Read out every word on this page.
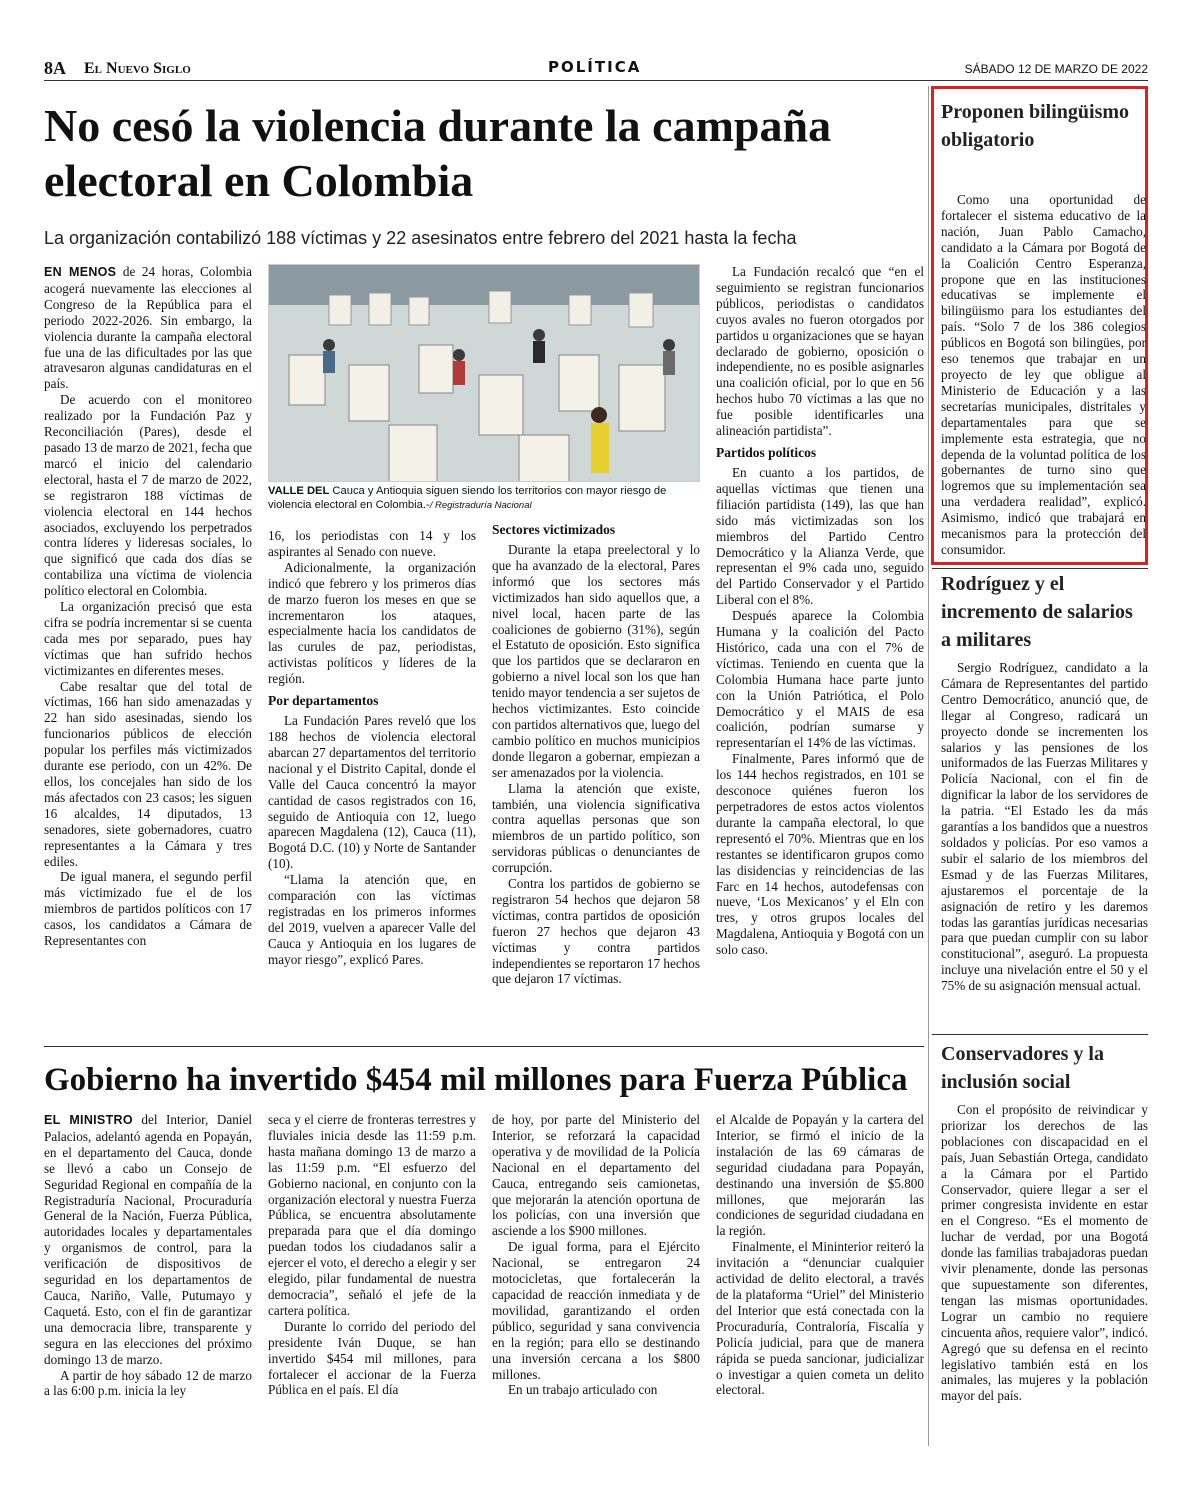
8A El Nuevo Siglo	POLÍTICA	SÁBADO 12 DE MARZO DE 2022
No cesó la violencia durante la campaña electoral en Colombia
La organización contabilizó 188 víctimas y 22 asesinatos entre febrero del 2021 hasta la fecha

EN MENOS de 24 horas, Colombia acogerá nuevamente las elecciones al Congreso de la República para el periodo 2022-2026. Sin embargo, la violencia durante la campaña electoral fue una de las dificultades por las que atravesaron algunas candidaturas en el país.

De acuerdo con el monitoreo realizado por la Fundación Paz y Reconciliación (Pares), desde el pasado 13 de marzo de 2021, fecha que marcó el inicio del calendario electoral, hasta el 7 de marzo de 2022, se registraron 188 víctimas de violencia electoral en 144 hechos asociados, excluyendo los perpetrados contra líderes y lideresas sociales, lo que significó que cada dos días se contabiliza una víctima de violencia político electoral en Colombia.

La organización precisó que esta cifra se podría incrementar si se cuenta cada mes por separado, pues hay víctimas que han sufrido hechos victimizantes en diferentes meses.

Cabe resaltar que del total de víctimas, 166 han sido amenazadas y 22 han sido asesinadas, siendo los funcionarios públicos de elección popular los perfiles más victimizados durante ese periodo, con un 42%. De ellos, los concejales han sido de los más afectados con 23 casos; les siguen 16 alcaldes, 14 diputados, 13 senadores, siete gobernadores, cuatro representantes a la Cámara y tres ediles.

De igual manera, el segundo perfil más victimizado fue el de los miembros de partidos políticos con 17 casos, los candidatos a Cámara de Representantes con

VALLE DEL Cauca y Antioquia siguen siendo los territorios con mayor riesgo de violencia electoral en Colombia.-/ Registraduría Nacional

16, los periodistas con 14 y los aspirantes al Senado con nueve.

Adicionalmente, la organización indicó que febrero y los primeros días de marzo fueron los meses en que se incrementaron los ataques, especialmente hacia los candidatos de las curules de paz, periodistas, activistas políticos y líderes de la región.

Por departamentos

La Fundación Pares reveló que los 188 hechos de violencia electoral abarcan 27 departamentos del territorio nacional y el Distrito Capital, donde el Valle del Cauca concentró la mayor cantidad de casos registrados con 16, seguido de Antioquia con 12, luego aparecen Magdalena (12), Cauca (11), Bogotá D.C. (10) y Norte de Santander (10).

“Llama la atención que, en comparación con las víctimas registradas en los primeros informes del 2019, vuelven a aparecer Valle del Cauca y Antioquia en los lugares de mayor riesgo”, explicó Pares.

Sectores victimizados

Durante la etapa preelectoral y lo que ha avanzado de la electoral, Pares informó que los sectores más victimizados han sido aquellos que, a nivel local, hacen parte de las coaliciones de gobierno (31%), según el Estatuto de oposición. Esto significa que los partidos que se declararon en gobierno a nivel local son los que han tenido mayor tendencia a ser sujetos de hechos victimizantes. Esto coincide con partidos alternativos que, luego del cambio político en muchos municipios donde llegaron a gobernar, empiezan a ser amenazados por la violencia.

Llama la atención que existe, también, una violencia significativa contra aquellas personas que son miembros de un partido político, son servidoras públicas o denunciantes de corrupción.

Contra los partidos de gobierno se registraron 54 hechos que dejaron 58 víctimas, contra partidos de oposición fueron 27 hechos que dejaron 43 víctimas y contra partidos independientes se reportaron 17 hechos que dejaron 17 víctimas.

La Fundación recalcó que “en el seguimiento se registran funcionarios públicos, periodistas o candidatos cuyos avales no fueron otorgados por partidos u organizaciones que se hayan declarado de gobierno, oposición o independiente, no es posible asignarles una coalición oficial, por lo que en 56 hechos hubo 70 víctimas a las que no fue posible identificarles una alineación partidista”.

Partidos políticos

En cuanto a los partidos, de aquellas víctimas que tienen una filiación partidista (149), las que han sido más victimizadas son los miembros del Partido Centro Democrático y la Alianza Verde, que representan el 9% cada uno, seguido del Partido Conservador y el Partido Liberal con el 8%.

Después aparece la Colombia Humana y la coalición del Pacto Histórico, cada una con el 7% de víctimas. Teniendo en cuenta que la Colombia Humana hace parte junto con la Unión Patriótica, el Polo Democrático y el MAIS de esa coalición, podrían sumarse y representarían el 14% de las víctimas.

Finalmente, Pares informó que de los 144 hechos registrados, en 101 se desconoce quiénes fueron los perpetradores de estos actos violentos durante la campaña electoral, lo que representó el 70%. Mientras que en los restantes se identificaron grupos como las disidencias y reincidencias de las Farc en 14 hechos, autodefensas con nueve, ‘Los Mexicanos’ y el Eln con tres, y otros grupos locales del Magdalena, Antioquia y Bogotá con un solo caso.

Gobierno ha invertido $454 mil millones para Fuerza Pública

EL MINISTRO del Interior, Daniel Palacios, adelantó agenda en Popayán, en el departamento del Cauca, donde se llevó a cabo un Consejo de Seguridad Regional en compañía de la Registraduría Nacional, Procuraduría General de la Nación, Fuerza Pública, autoridades locales y departamentales y organismos de control, para la verificación de dispositivos de seguridad en los departamentos de Cauca, Nariño, Valle, Putumayo y Caquetá. Esto, con el fin de garantizar una democracia libre, transparente y segura en las elecciones del próximo domingo 13 de marzo.

A partir de hoy sábado 12 de marzo a las 6:00 p.m. inicia la ley

seca y el cierre de fronteras terrestres y fluviales inicia desde las 11:59 p.m. hasta mañana domingo 13 de marzo a las 11:59 p.m. “El esfuerzo del Gobierno nacional, en conjunto con la organización electoral y nuestra Fuerza Pública, se encuentra absolutamente preparada para que el día domingo puedan todos los ciudadanos salir a ejercer el voto, el derecho a elegir y ser elegido, pilar fundamental de nuestra democracia”, señaló el jefe de la cartera política.

Durante lo corrido del periodo del presidente Iván Duque, se han invertido $454 mil millones, para fortalecer el accionar de la Fuerza Pública en el país. El día

de hoy, por parte del Ministerio del Interior, se reforzará la capacidad operativa y de movilidad de la Policía Nacional en el departamento del Cauca, entregando seis camionetas, que mejorarán la atención oportuna de los policías, con una inversión que asciende a los $900 millones.

De igual forma, para el Ejército Nacional, se entregaron 24 motocicletas, que fortalecerán la capacidad de reacción inmediata y de movilidad, garantizando el orden público, seguridad y sana convivencia en la región; para ello se destinando una inversión cercana a los $800 millones.

En un trabajo articulado con

el Alcalde de Popayán y la cartera del Interior, se firmó el inicio de la instalación de las 69 cámaras de seguridad ciudadana para Popayán, destinando una inversión de $5.800 millones, que mejorarán las condiciones de seguridad ciudadana en la región.

Finalmente, el Mininterior reiteró la invitación a “denunciar cualquier actividad de delito electoral, a través de la plataforma “Uriel” del Ministerio del Interior que está conectada con la Procuraduría, Contraloría, Fiscalía y Policía judicial, para que de manera rápida se pueda sancionar, judicializar o investigar a quien cometa un delito electoral.

Proponen bilingüismo obligatorio

Como una oportunidad de fortalecer el sistema educativo de la nación, Juan Pablo Camacho, candidato a la Cámara por Bogotá de la Coalición Centro Esperanza, propone que en las instituciones educativas se implemente el bilingüismo para los estudiantes del país. “Solo 7 de los 386 colegios públicos en Bogotá son bilingües, por eso tenemos que trabajar en un proyecto de ley que obligue al Ministerio de Educación y a las secretarías municipales, distritales y departamentales para que se implemente esta estrategia, que no dependa de la voluntad política de los gobernantes de turno sino que logremos que su implementación sea una verdadera realidad”, explicó. Asimismo, indicó que trabajará en mecanismos para la protección del consumidor.

Rodríguez y el incremento de salarios a militares

Sergio Rodríguez, candidato a la Cámara de Representantes del partido Centro Democrático, anunció que, de llegar al Congreso, radicará un proyecto donde se incrementen los salarios y las pensiones de los uniformados de las Fuerzas Militares y Policía Nacional, con el fin de dignificar la labor de los servidores de la patria. “El Estado les da más garantías a los bandidos que a nuestros soldados y policías. Por eso vamos a subir el salario de los miembros del Esmad y de las Fuerzas Militares, ajustaremos el porcentaje de la asignación de retiro y les daremos todas las garantías jurídicas necesarias para que puedan cumplir con su labor constitucional”, aseguró. La propuesta incluye una nivelación entre el 50 y el 75% de su asignación mensual actual.

Conservadores y la inclusión social

Con el propósito de reivindicar y priorizar los derechos de las poblaciones con discapacidad en el país, Juan Sebastián Ortega, candidato a la Cámara por el Partido Conservador, quiere llegar a ser el primer congresista invidente en estar en el Congreso. “Es el momento de luchar de verdad, por una Bogotá donde las familias trabajadoras puedan vivir plenamente, donde las personas que supuestamente son diferentes, tengan las mismas oportunidades. Lograr un cambio no requiere cincuenta años, requiere valor”, indicó. Agregó que su defensa en el recinto legislativo también está en los animales, las mujeres y la población mayor del país.
